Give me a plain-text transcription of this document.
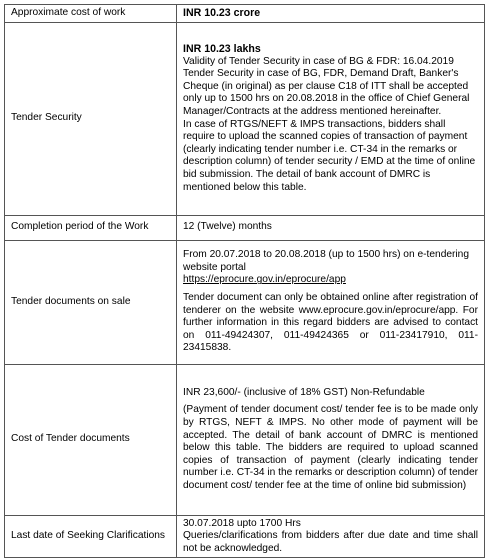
Approximate cost of work	INR 10.23 crore
Tender Security	INR 10.23 lakhs
Validity of Tender Security in case of BG & FDR: 16.04.2019
Tender Security in case of BG, FDR, Demand Draft, Banker's Cheque (in original) as per clause C18 of ITT shall be accepted only up to 1500 hrs on 20.08.2018 in the office of Chief General Manager/Contracts at the address mentioned hereinafter.
In case of RTGS/NEFT & IMPS transactions, bidders shall require to upload the scanned copies of transaction of payment (clearly indicating tender number i.e. CT-34 in the remarks or description column) of tender security / EMD at the time of online bid submission. The detail of bank account of DMRC is mentioned below this table.

Completion period of the Work	12 (Twelve) months
Tender documents on sale	From 20.07.2018 to 20.08.2018 (up to 1500 hrs) on e-tendering website portal
https://eprocure.gov.in/eprocure/app
Tender document can only be obtained online after registration of tenderer on the website www.eprocure.gov.in/eprocure/app. For further information in this regard bidders are advised to contact on 011-49424307, 011-49424365 or 011-23417910, 011-23415838.

Cost of Tender documents	INR 23,600/- (inclusive of 18% GST) Non-Refundable
(Payment of tender document cost/ tender fee is to be made only by RTGS, NEFT & IMPS. No other mode of payment will be accepted. The detail of bank account of DMRC is mentioned below this table. The bidders are required to upload scanned copies of transaction of payment (clearly indicating tender number i.e. CT-34 in the remarks or description column) of tender document cost/ tender fee at the time of online bid submission)

Last date of Seeking Clarifications	30.07.2018 upto 1700 Hrs
Queries/clarifications from bidders after due date and time shall not be acknowledged.
